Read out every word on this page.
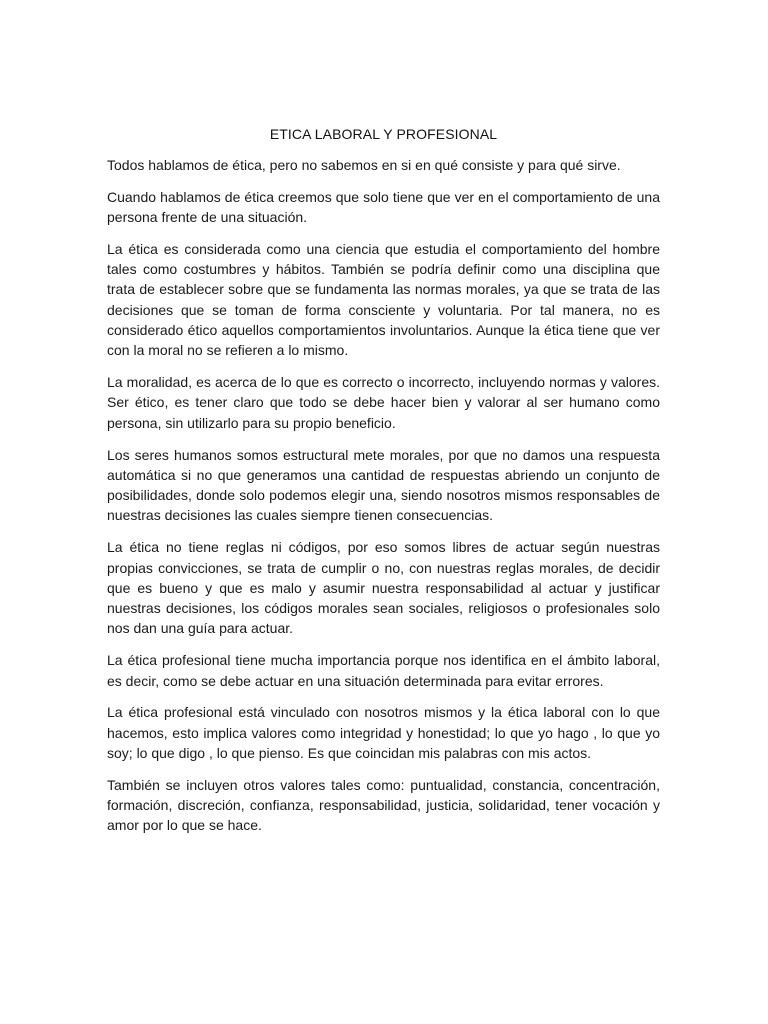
ETICA LABORAL Y PROFESIONAL

Todos hablamos de ética, pero no sabemos en si en qué consiste y para qué sirve.

Cuando hablamos de ética creemos que solo tiene que ver en el comportamiento de una persona frente de una situación.

La ética es considerada como una ciencia que estudia el comportamiento del hombre tales como costumbres y hábitos. También se podría definir como una disciplina que trata de establecer sobre que se fundamenta las normas morales, ya que se trata de las decisiones que se toman de forma consciente y voluntaria. Por tal manera, no es considerado ético aquellos comportamientos involuntarios. Aunque la ética tiene que ver con la moral no se refieren a lo mismo.

La moralidad, es acerca de lo que es correcto o incorrecto, incluyendo normas y valores. Ser ético, es tener claro que todo se debe hacer bien y valorar al ser humano como persona, sin utilizarlo para su propio beneficio.

Los seres humanos somos estructural mete morales, por que no damos una respuesta automática si no que generamos una cantidad de respuestas abriendo un conjunto de posibilidades, donde solo podemos elegir una, siendo nosotros mismos responsables de nuestras decisiones las cuales siempre tienen consecuencias.

La ética no tiene reglas ni códigos, por eso somos libres de actuar según nuestras propias convicciones, se trata de cumplir o no, con nuestras reglas morales, de decidir que es bueno y que es malo y asumir nuestra responsabilidad al actuar y justificar nuestras decisiones, los códigos morales sean sociales, religiosos o profesionales solo nos dan una guía para actuar.

La ética profesional tiene mucha importancia porque nos identifica en el ámbito laboral, es decir, como se debe actuar en una situación determinada para evitar errores.

La ética profesional está vinculado con nosotros mismos y la ética laboral con lo que hacemos, esto implica valores como integridad y honestidad; lo que yo hago , lo que yo soy; lo que digo , lo que pienso. Es que coincidan mis palabras con mis actos.

También se incluyen otros valores tales como: puntualidad, constancia, concentración, formación, discreción, confianza, responsabilidad, justicia, solidaridad, tener vocación y amor por lo que se hace.
